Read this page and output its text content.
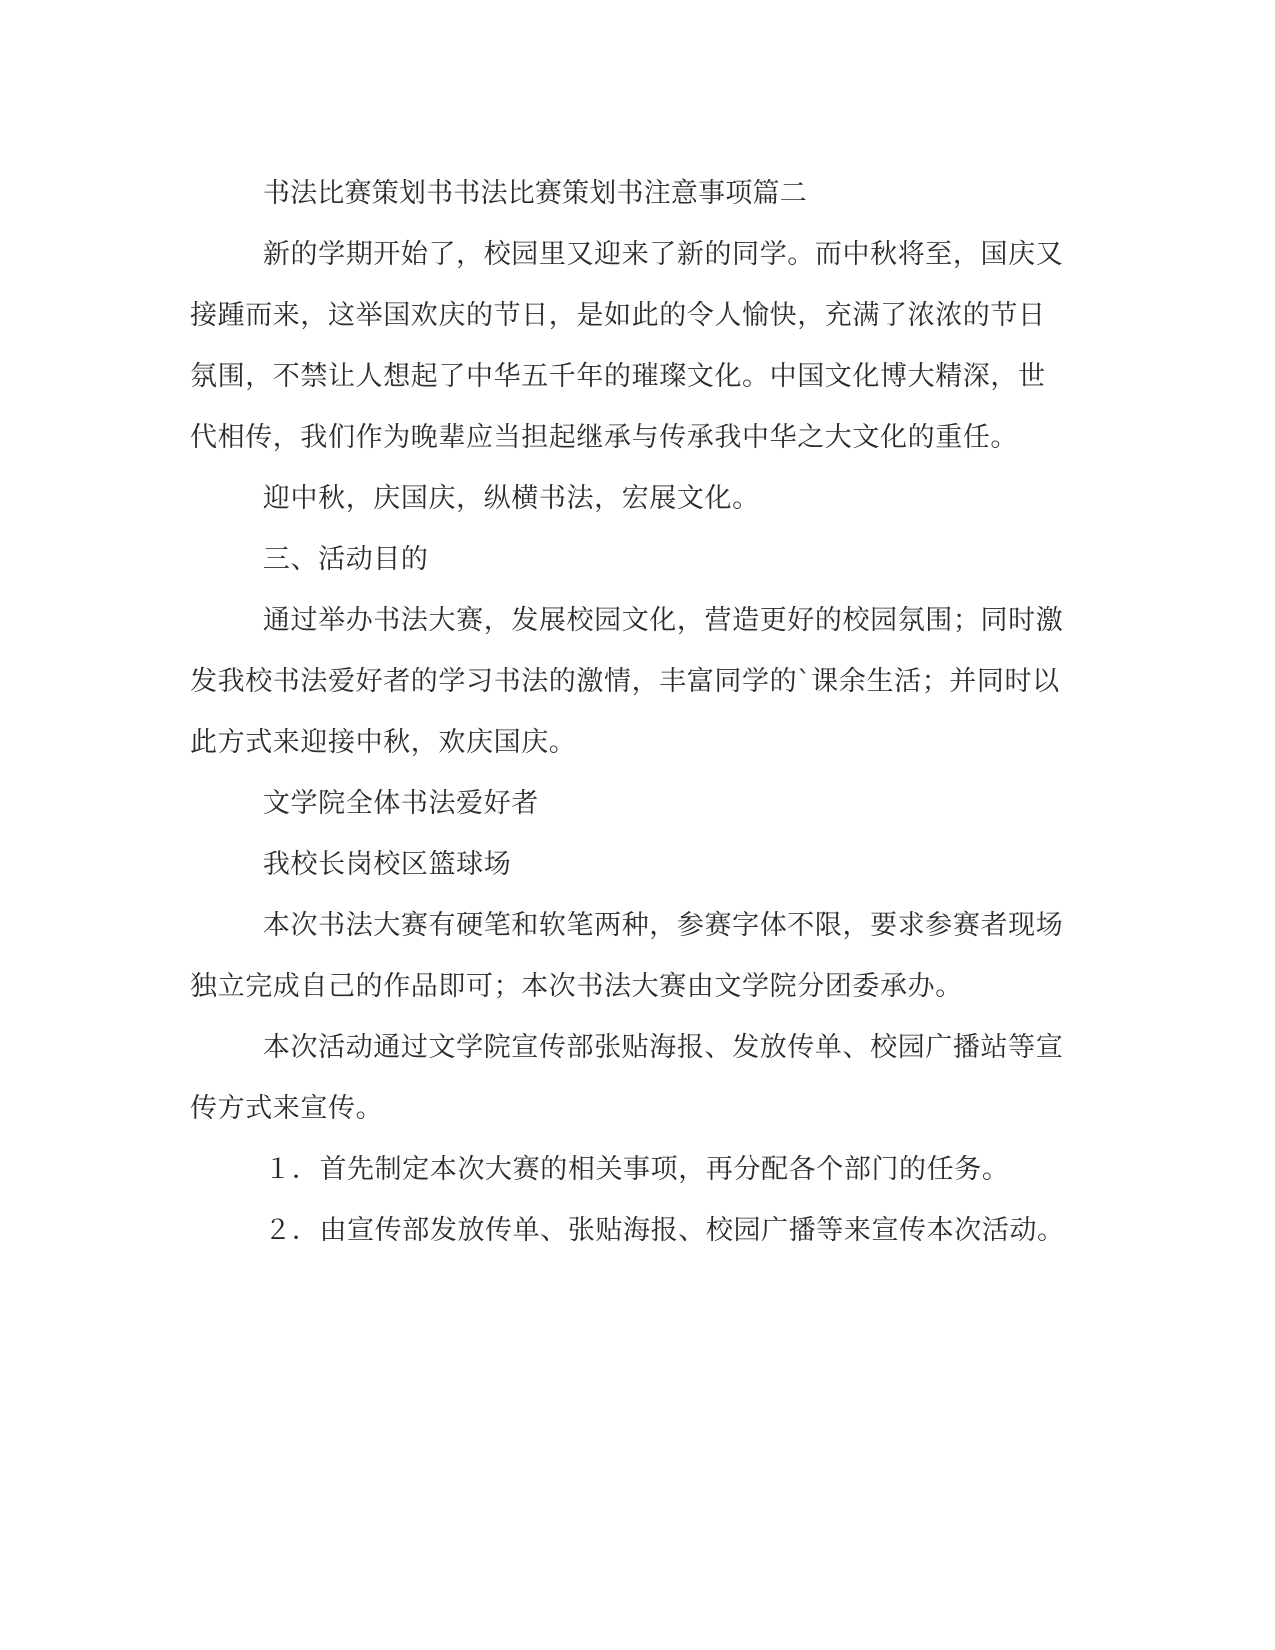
书法比赛策划书书法比赛策划书注意事项篇二

新的学期开始了，校园里又迎来了新的同学。而中秋将至，国庆又接踵而来，这举国欢庆的节日，是如此的令人愉快，充满了浓浓的节日氛围，不禁让人想起了中华五千年的璀璨文化。中国文化博大精深，世代相传，我们作为晚辈应当担起继承与传承我中华之大文化的重任。

迎中秋，庆国庆，纵横书法，宏展文化。

三、活动目的

通过举办书法大赛，发展校园文化，营造更好的校园氛围；同时激发我校书法爱好者的学习书法的激情，丰富同学的`课余生活；并同时以此方式来迎接中秋，欢庆国庆。

文学院全体书法爱好者

我校长岗校区篮球场

本次书法大赛有硬笔和软笔两种，参赛字体不限，要求参赛者现场独立完成自己的作品即可；本次书法大赛由文学院分团委承办。

本次活动通过文学院宣传部张贴海报、发放传单、校园广播站等宣传方式来宣传。

１．首先制定本次大赛的相关事项，再分配各个部门的任务。

２．由宣传部发放传单、张贴海报、校园广播等来宣传本次活动。
